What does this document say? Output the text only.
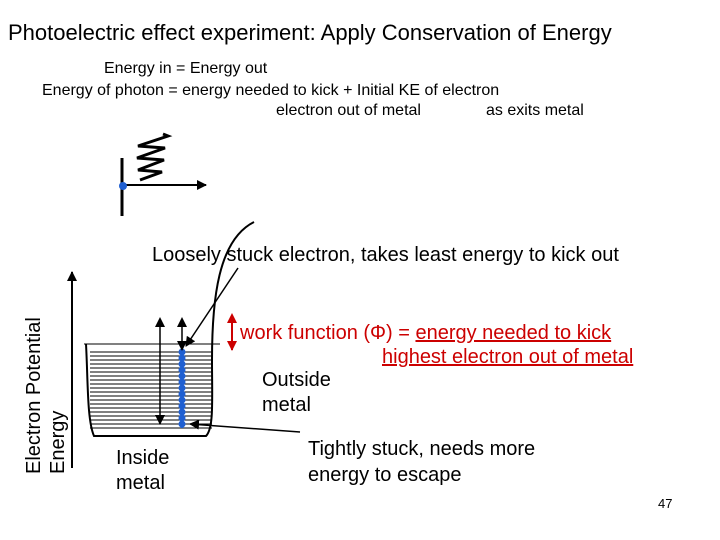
Photoelectric effect experiment: Apply Conservation of Energy
Energy in = Energy out
Energy of photon = energy needed to kick + Initial KE of electron
electron out of metal	as exits metal
Loosely stuck electron, takes least energy to kick out
Electron Potential Energy
work function (Φ) = energy needed to kick
highest electron out of metal
Outside metal
Inside metal
Tightly stuck, needs more energy to escape
47
